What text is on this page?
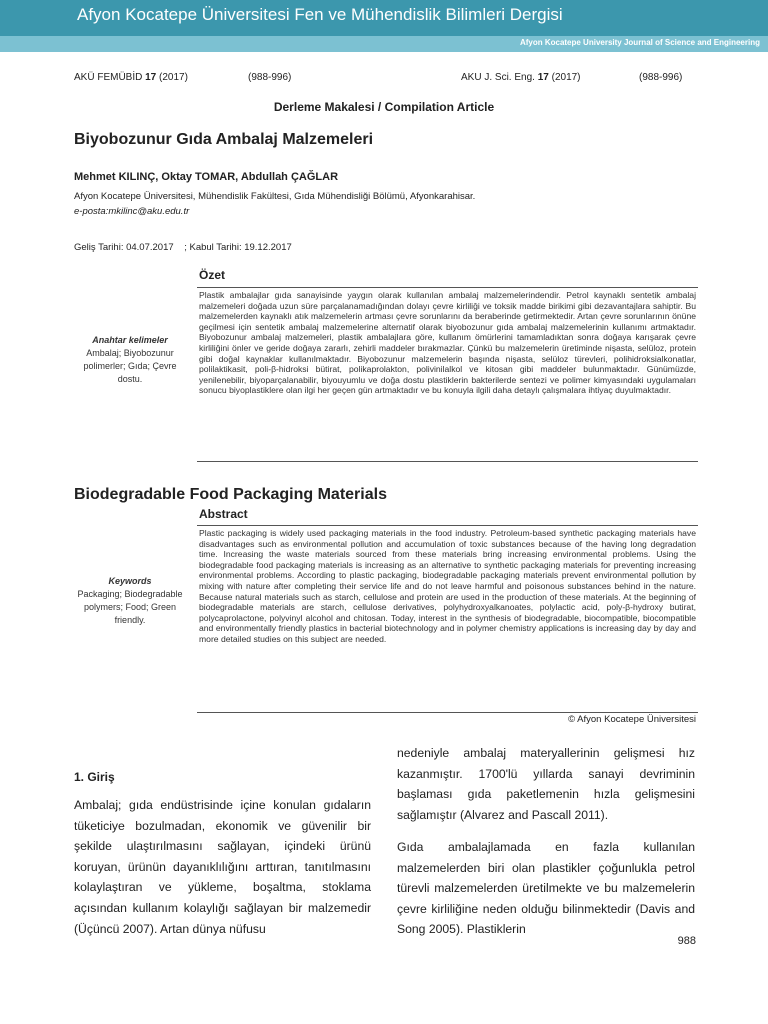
Afyon Kocatepe Üniversitesi Fen ve Mühendislik Bilimleri Dergisi
Afyon Kocatepe University Journal of Science and Engineering
AKÜ FEMÜBİD 17 (2017)	(988-996)	AKU J. Sci. Eng. 17 (2017)	(988-996)
Derleme Makalesi / Compilation Article
Biyobozunur Gıda Ambalaj Malzemeleri
Mehmet KILINÇ, Oktay TOMAR, Abdullah ÇAĞLAR
Afyon Kocatepe Üniversitesi, Mühendislik Fakültesi, Gıda Mühendisliği Bölümü, Afyonkarahisar.
e-posta:mkilinc@aku.edu.tr
Geliş Tarihi: 04.07.2017 ; Kabul Tarihi: 19.12.2017
Özet
Anahtar kelimeler
Ambalaj; Biyobozunur polimerler; Gıda; Çevre dostu.
Plastik ambalajlar gıda sanayisinde yaygın olarak kullanılan ambalaj malzemelerindendir. Petrol kaynaklı sentetik ambalaj malzemeleri doğada uzun süre parçalanamadığından dolayı çevre kirliliği ve toksik madde birikimi gibi dezavantajlara sahiptir. Bu malzemelerden kaynaklı atık malzemelerin artması çevre sorunlarını da beraberinde getirmektedir. Artan çevre sorunlarının önüne geçilmesi için sentetik ambalaj malzemelerine alternatif olarak biyobozunur gıda ambalaj malzemelerinin kullanımı artmaktadır. Biyobozunur ambalaj malzemeleri, plastik ambalajlara göre, kullanım ömürlerini tamamladıktan sonra doğaya karışarak çevre kirliliğini önler ve geride doğaya zararlı, zehirli maddeler bırakmazlar. Çünkü bu malzemelerin üretiminde nişasta, selüloz, protein gibi doğal kaynaklar kullanılmaktadır. Biyobozunur malzemelerin başında nişasta, selüloz türevleri, polihidroksialkonatlar, polilaktikasit, poli-β-hidroksi bütirat, polikaprolakton, polivinilalkol ve kitosan gibi maddeler bulunmaktadır. Günümüzde, yenilenebilir, biyoparçalanabilir, biyouyumlu ve doğa dostu plastiklerin bakterilerde sentezi ve polimer kimyasındaki uygulamaları sonucu biyoplastiklere olan ilgi her geçen gün artmaktadır ve bu konuyla ilgili daha detaylı çalışmalara ihtiyaç duyulmaktadır.
Biodegradable Food Packaging Materials
Abstract
Keywords
Packaging; Biodegradable polymers; Food; Green friendly.
Plastic packaging is widely used packaging materials in the food industry. Petroleum-based synthetic packaging materials have disadvantages such as environmental pollution and accumulation of toxic substances because of the having long degradation time. Increasing the waste materials sourced from these materials bring increasing environmental problems. Using the biodegradable food packaging materials is increasing as an alternative to synthetic packaging materials for preventing increasing environmental problems. According to plastic packaging, biodegradable packaging materials prevent environmental pollution by mixing with nature after completing their service life and do not leave harmful and poisonous substances behind in the nature. Because natural materials such as starch, cellulose and protein are used in the production of these materials. At the beginning of biodegradable materials are starch, cellulose derivatives, polyhydroxyalkanoates, polylactic acid, poly-β-hydroxy butirat, polycaprolactone, polyvinyl alcohol and chitosan. Today, interest in the synthesis of biodegradable, biocompatible, biocompatible and environmentally friendly plastics in bacterial biotechnology and in polymer chemistry applications is increasing day by day and more detailed studies on this subject are needed.
© Afyon Kocatepe Üniversitesi
1. Giriş
Ambalaj; gıda endüstrisinde içine konulan gıdaların tüketiciye bozulmadan, ekonomik ve güvenilir bir şekilde ulaştırılmasını sağlayan, içindeki ürünü koruyan, ürünün dayanıklılığını arttıran, tanıtılmasını kolaylaştıran ve yükleme, boşaltma, stoklama açısından kullanım kolaylığı sağlayan bir malzemedir (Üçüncü 2007). Artan dünya nüfusu
nedeniyle ambalaj materyallerinin gelişmesi hız kazanmıştır. 1700'lü yıllarda sanayi devriminin başlaması gıda paketlemenin hızla gelişmesini sağlamıştır (Alvarez and Pascall 2011).
Gıda ambalajlamada en fazla kullanılan malzemelerden biri olan plastikler çoğunlukla petrol türevli malzemelerden üretilmekte ve bu malzemelerin çevre kirliliğine neden olduğu bilinmektedir (Davis and Song 2005). Plastiklerin
988
